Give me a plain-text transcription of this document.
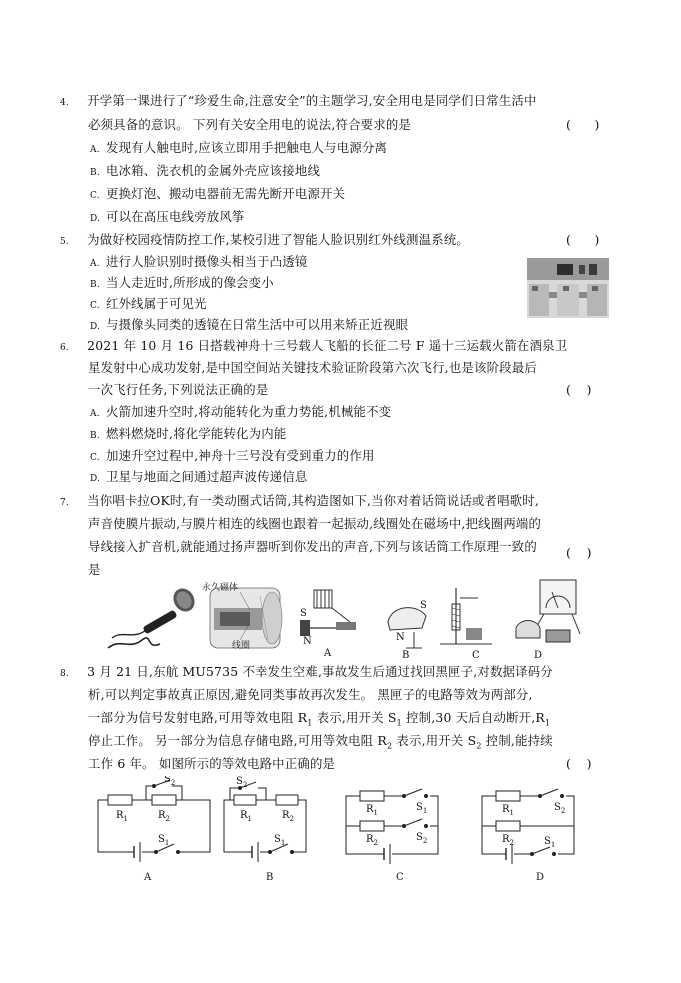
4. 开学第一课进行了“珍爱生命,注意安全”的主题学习,安全用电是同学们日常生活中
必须具备的意识。 下列有关安全用电的说法,符合要求的是	(      )
A. 发现有人触电时,应该立即用手把触电人与电源分离
B. 电冰箱、洗衣机的金属外壳应该接地线
C. 更换灯泡、搬动电器前无需先断开电源开关
D. 可以在高压电线旁放风筝
5. 为做好校园疫情防控工作,某校引进了智能人脸识别红外线测温系统。	(      )
A. 进行人脸识别时摄像头相当于凸透镜
B. 当人走近时,所形成的像会变小
C. 红外线属于可见光
D. 与摄像头同类的透镜在日常生活中可以用来矫正近视眼
6. 2021 年 10 月 16 日搭载神舟十三号载人飞船的长征二号 F 遥十三运载火箭在酒泉卫
星发射中心成功发射,是中国空间站关键技术验证阶段第六次飞行,也是该阶段最后
一次飞行任务,下列说法正确的是	(    )
A. 火箭加速升空时,将动能转化为重力势能,机械能不变
B. 燃料燃烧时,将化学能转化为内能
C. 加速升空过程中,神舟十三号没有受到重力的作用
D. 卫星与地面之间通过超声波传递信息
7. 当你唱卡拉OK时,有一类动圈式话筒,其构造图如下,当你对着话筒说话或者唱歌时,
声音使膜片振动,与膜片相连的线圈也跟着一起振动,线圈处在磁场中,把线圈两端的
导线接入扩音机,就能通过扬声器听到你发出的声音,下列与该话筒工作原理一致的
是
(    )
永久磁体
线圈
S
N
A
N
S
B	C	D
8. 3 月 21 日,东航 MU5735 不幸发生空难,事故发生后通过找回黑匣子,对数据译码分
析,可以判定事故真正原因,避免同类事故再次发生。 黑匣子的电路等效为两部分,
一部分为信号发射电路,可用等效电阻 $R_1$ 表示,用开关 $S_1$ 控制,30 天后自动断开$,R_1$
停止工作。 另一部分为信息存储电路,可用等效电阻 $R_2$ 表示,用开关 $S_2$ 控制,能持续
工作 6 年。 如图所示的等效电路中正确的是	(    )
$R_1$	$R_2$
$S_2$
$S_1$
A
$R_1$	$R_2$
$S_2$
$S_1$
B
$R_1$
$R_2$
$S_1$
$S_2$
C
$R_1$
$R_2$
$S_2$
$S_1$
D
